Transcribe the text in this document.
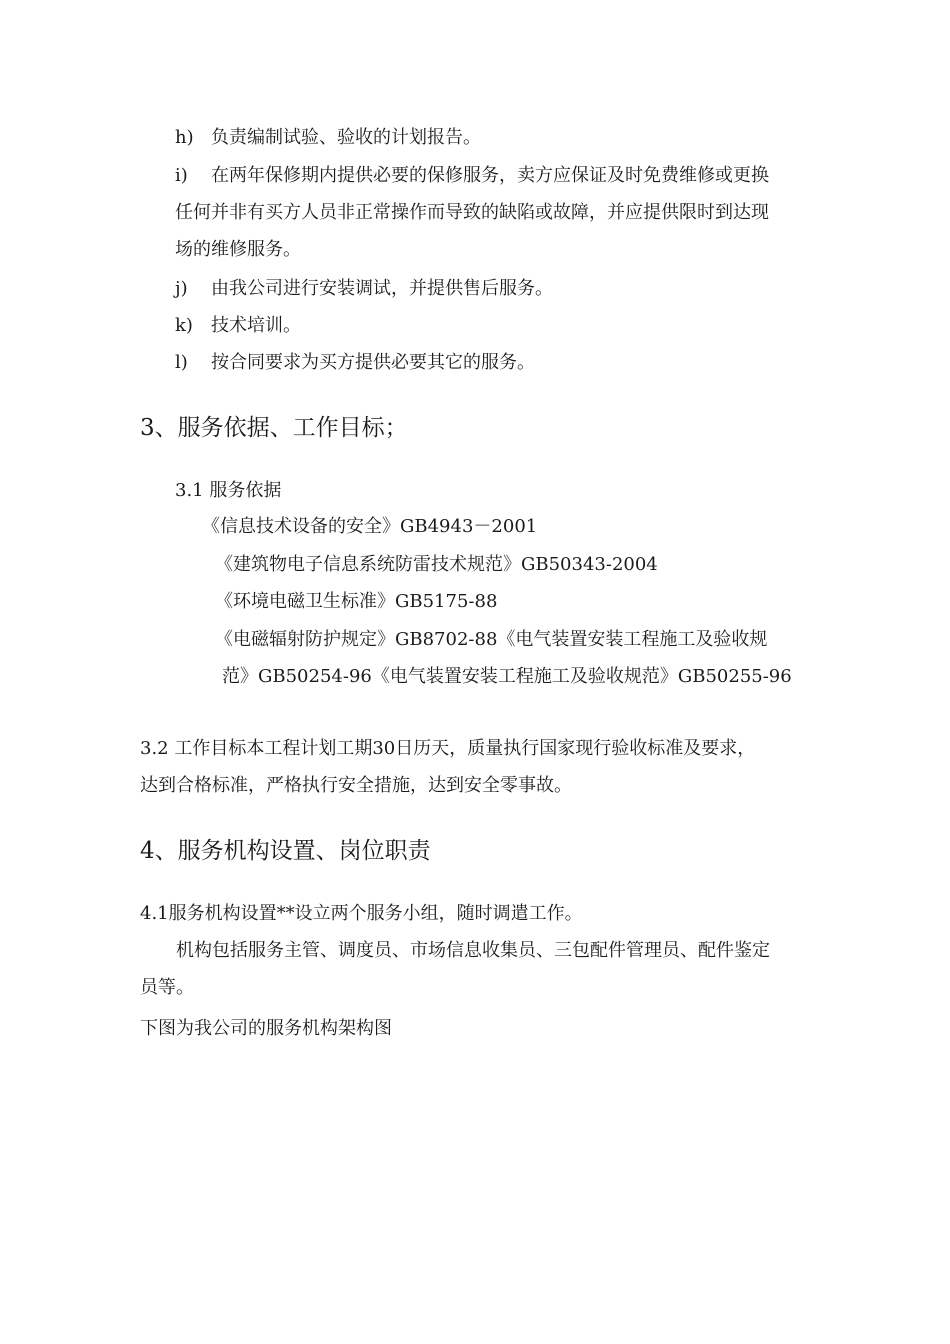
h) 负责编制试验、验收的计划报告。
i) 在两年保修期内提供必要的保修服务，卖方应保证及时免费维修或更换
任何并非有买方人员非正常操作而导致的缺陷或故障，并应提供限时到达现
场的维修服务。
j) 由我公司进行安装调试，并提供售后服务。
k) 技术培训。
l) 按合同要求为买方提供必要其它的服务。
3、服务依据、工作目标；
3.1 服务依据
《信息技术设备的安全》GB4943－2001
《建筑物电子信息系统防雷技术规范》GB50343-2004
《环境电磁卫生标准》GB5175-88
《电磁辐射防护规定》GB8702-88《电气装置安装工程施工及验收规
范》GB50254-96《电气装置安装工程施工及验收规范》GB50255-96
3.2 工作目标本工程计划工期30日历天，质量执行国家现行验收标准及要求，
达到合格标准，严格执行安全措施，达到安全零事故。
4、服务机构设置、岗位职责
4.1服务机构设置**设立两个服务小组，随时调遣工作。
机构包括服务主管、调度员、市场信息收集员、三包配件管理员、配件鉴定
员等。
下图为我公司的服务机构架构图
